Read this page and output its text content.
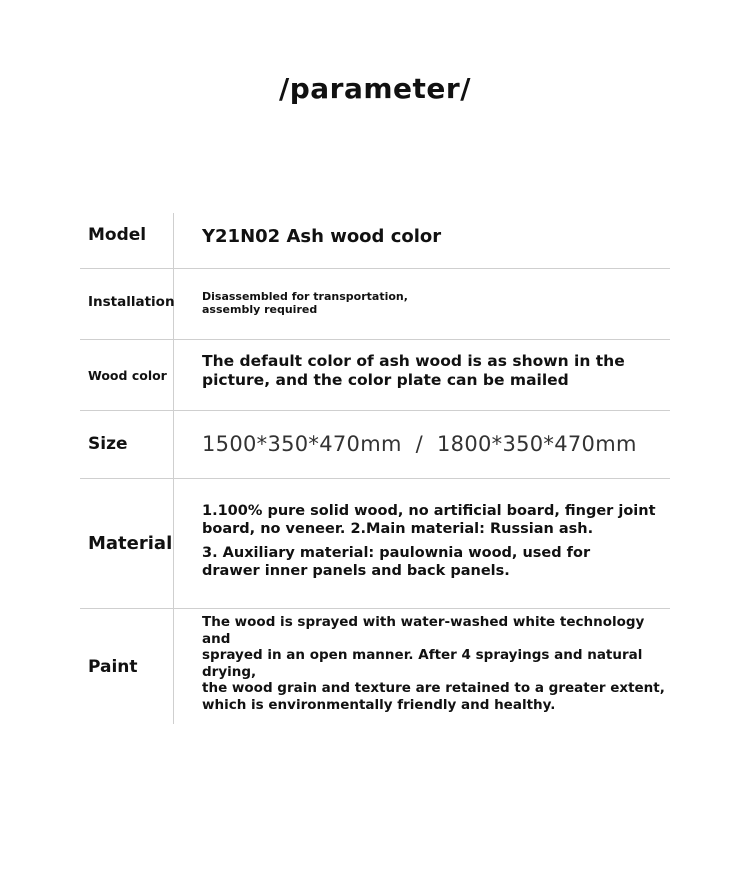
/parameter/
Model	Y21N02 Ash wood color
Installation Disassembled for transportation,
assembly required
Wood color
The default color of ash wood is as shown in the
picture, and the color plate can be mailed
Size	1500*350*470mm  /  1800*350*470mm
Material

1.100% pure solid wood, no artificial board, finger joint
board, no veneer. 2.Main material: Russian ash.

3. Auxiliary material: paulownia wood, used for
drawer inner panels and back panels.

Paint
The wood is sprayed with water-washed white technology and
sprayed in an open manner. After 4 sprayings and natural drying,
the wood grain and texture are retained to a greater extent,
which is environmentally friendly and healthy.
